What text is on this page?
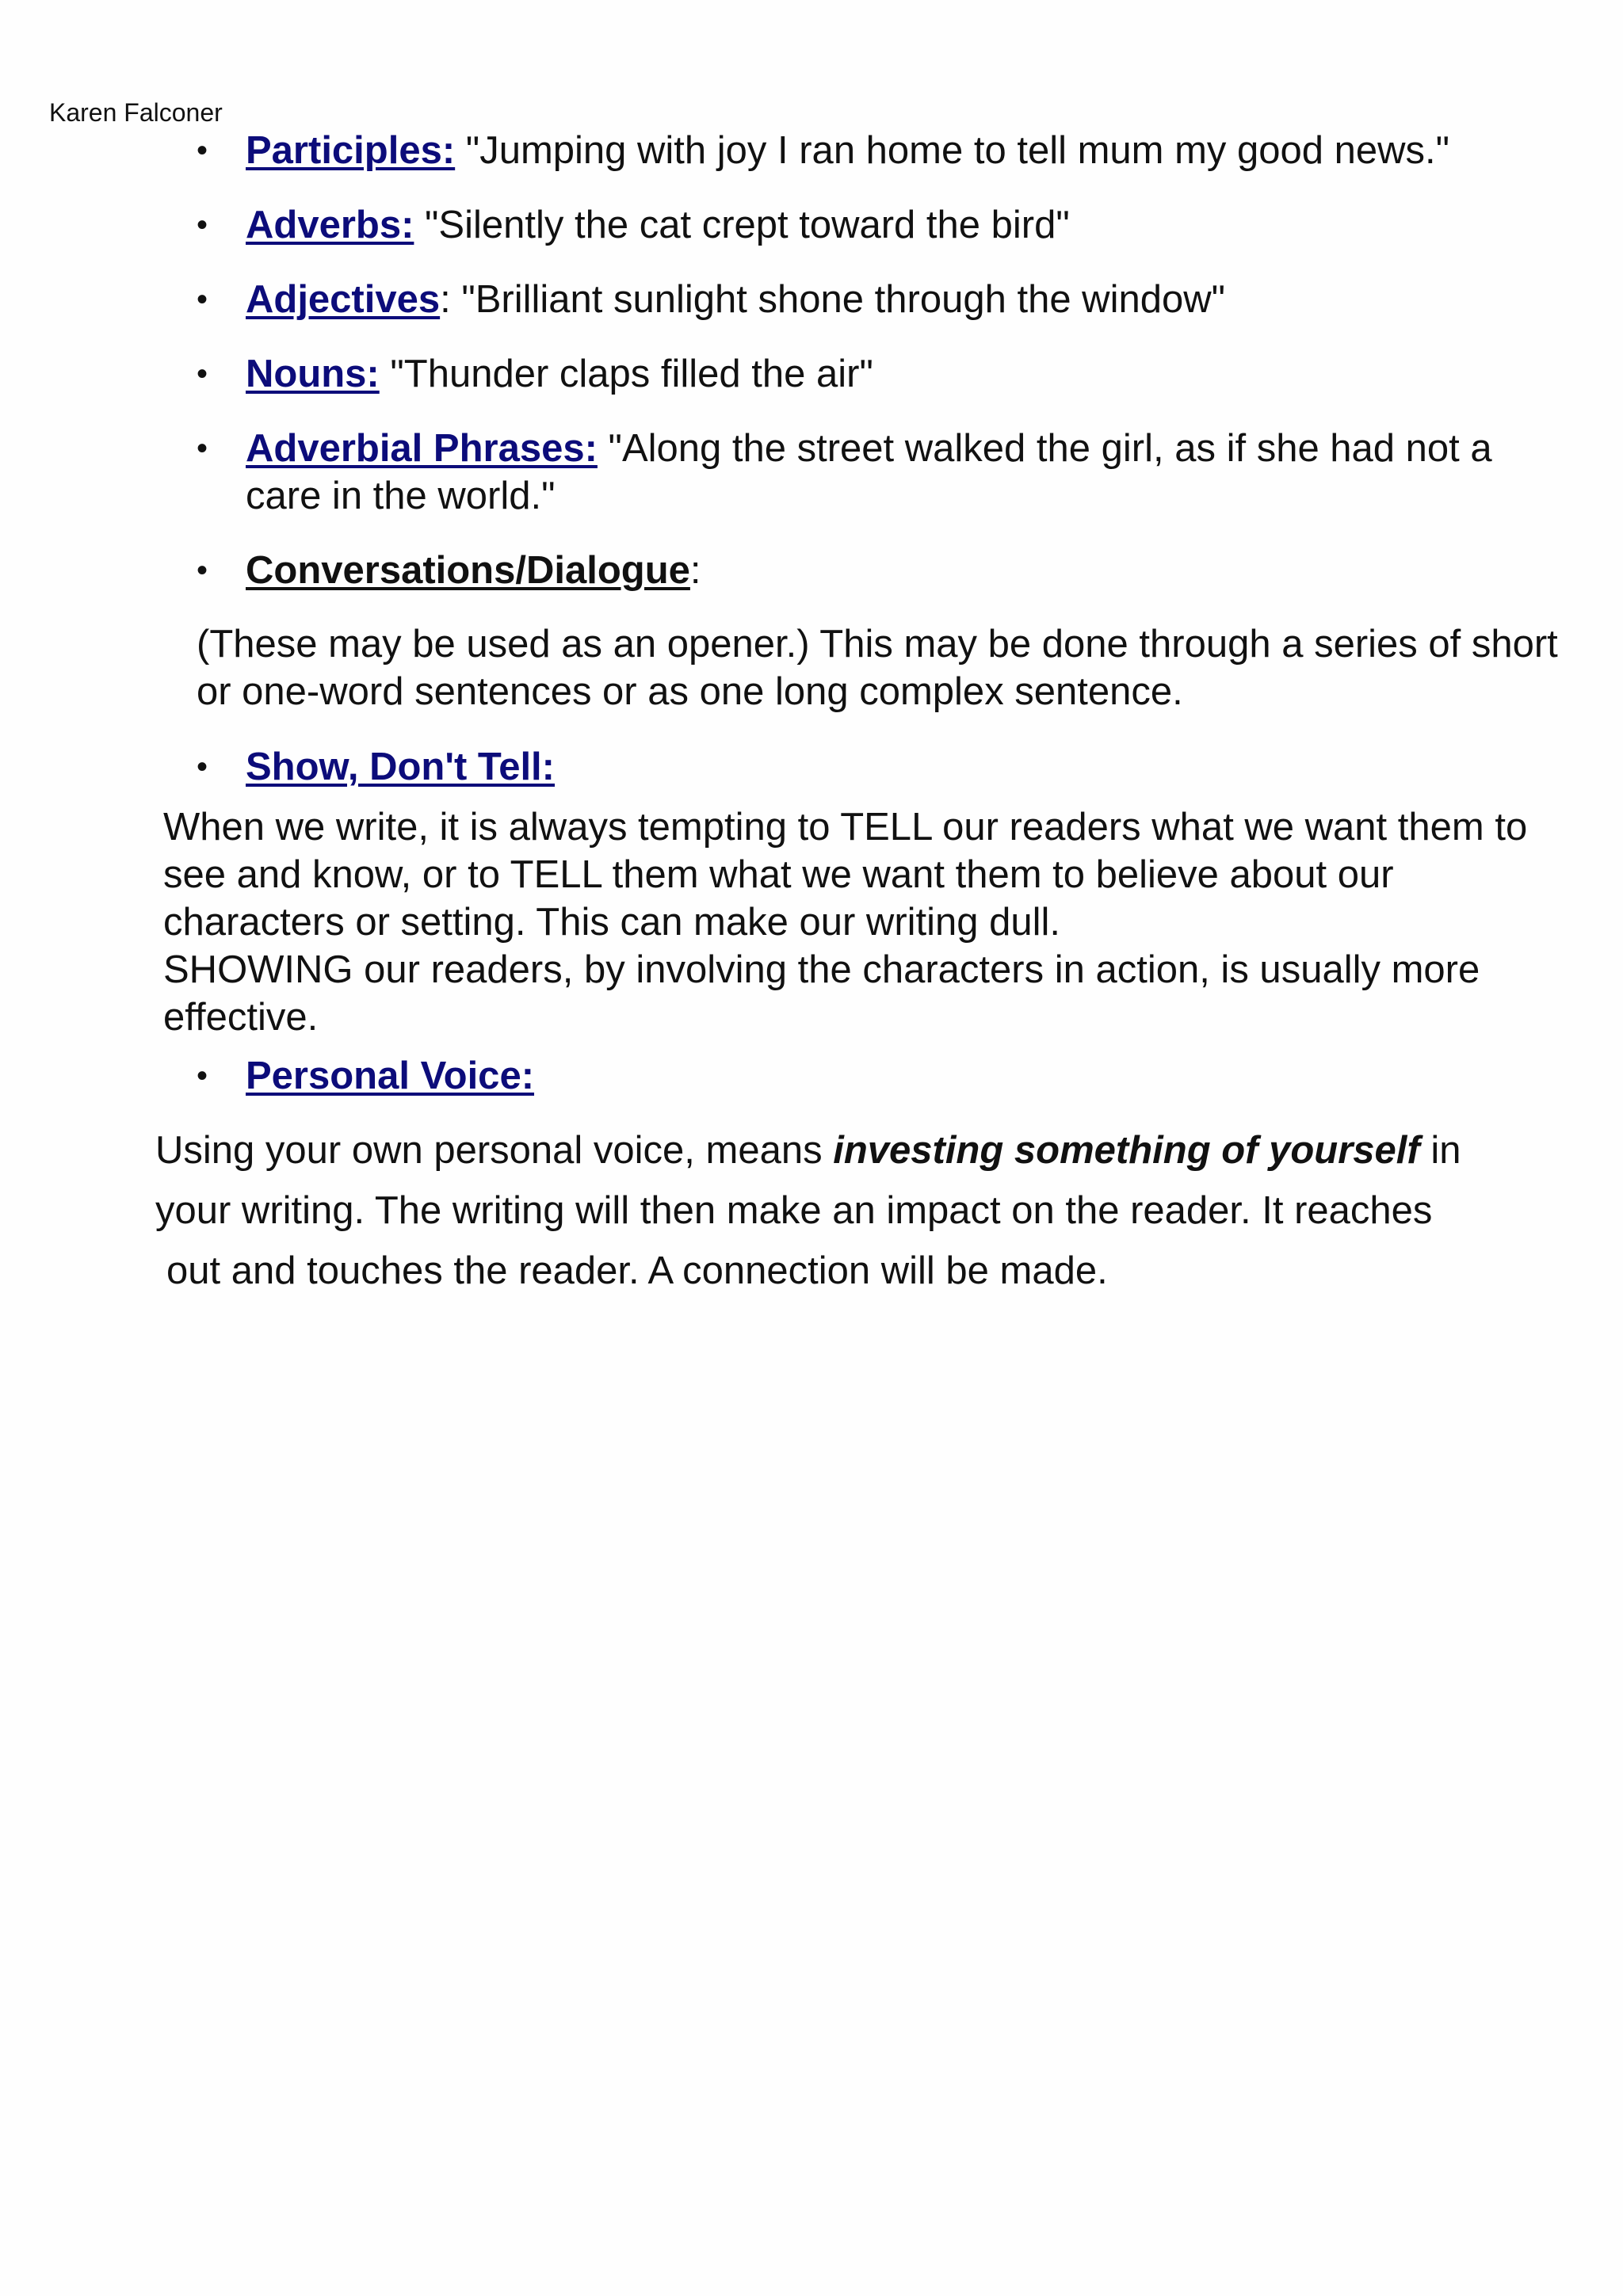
Karen Falconer
• Participles: "Jumping with joy I ran home to tell mum my good news."
• Adverbs: "Silently the cat crept toward the bird"
• Adjectives: "Brilliant sunlight shone through the window"
• Nouns: "Thunder claps filled the air"
• Adverbial Phrases: "Along the street walked the girl, as if she had not a care in the world."
• Conversations/Dialogue:

(These may be used as an opener.) This may be done through a series of short or one-word sentences or as one long complex sentence.

• Show, Don't Tell:

When we write, it is always tempting to TELL our readers what we want them to see and know, or to TELL them what we want them to believe about our characters or setting. This can make our writing dull.

SHOWING our readers, by involving the characters in action, is usually more effective.

• Personal Voice:

Using your own personal voice, means investing something of yourself in

your writing. The writing will then make an impact on the reader. It reaches

out and touches the reader. A connection will be made.
